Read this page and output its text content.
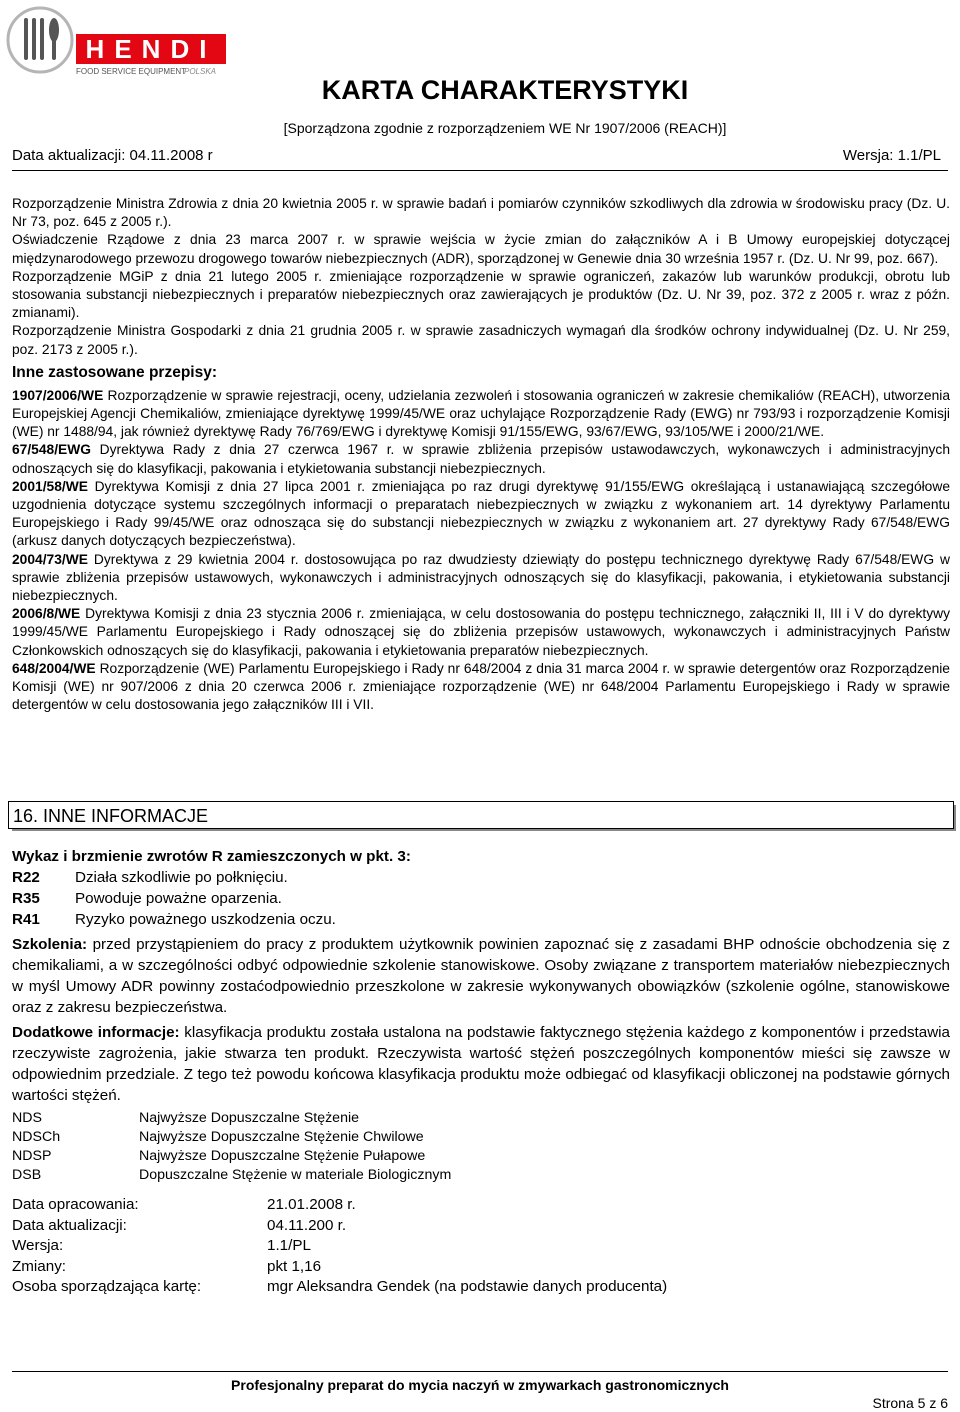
HENDI
FOOD SERVICE EQUIPMENT
POLSKA
KARTA CHARAKTERYSTYKI
[Sporządzona zgodnie z rozporządzeniem WE Nr 1907/2006 (REACH)]
Data aktualizacji: 04.11.2008 r	Wersja: 1.1/PL

Rozporządzenie Ministra Zdrowia z dnia 20 kwietnia 2005 r. w sprawie badań i pomiarów czynników szkodliwych dla zdrowia w środowisku pracy (Dz. U. Nr 73, poz. 645 z 2005 r.).

Oświadczenie Rządowe z dnia 23 marca 2007 r. w sprawie wejścia w życie zmian do załączników A i B Umowy europejskiej dotyczącej międzynarodowego przewozu drogowego towarów niebezpiecznych (ADR), sporządzonej w Genewie dnia 30 września 1957 r. (Dz. U. Nr 99, poz. 667).

Rozporządzenie MGiP z dnia 21 lutego 2005 r. zmieniające rozporządzenie w sprawie ograniczeń, zakazów lub warunków produkcji, obrotu lub stosowania substancji niebezpiecznych i preparatów niebezpiecznych oraz zawierających je produktów (Dz. U. Nr 39, poz. 372 z 2005 r. wraz z późn. zmianami).

Rozporządzenie Ministra Gospodarki z dnia 21 grudnia 2005 r. w sprawie zasadniczych wymagań dla środków ochrony indywidualnej (Dz. U. Nr 259, poz. 2173 z 2005 r.).

Inne zastosowane przepisy:

1907/2006/WE Rozporządzenie w sprawie rejestracji, oceny, udzielania zezwoleń i stosowania ograniczeń w zakresie chemikaliów (REACH), utworzenia Europejskiej Agencji Chemikaliów, zmieniające dyrektywę 1999/45/WE oraz uchylające Rozporządzenie Rady (EWG) nr 793/93 i rozporządzenie Komisji (WE) nr 1488/94, jak również dyrektywę Rady 76/769/EWG i dyrektywę Komisji 91/155/EWG, 93/67/EWG, 93/105/WE i 2000/21/WE.

67/548/EWG Dyrektywa Rady z dnia 27 czerwca 1967 r. w sprawie zbliżenia przepisów ustawodawczych, wykonawczych i administracyjnych odnoszących się do klasyfikacji, pakowania i etykietowania substancji niebezpiecznych.

2001/58/WE Dyrektywa Komisji z dnia 27 lipca 2001 r. zmieniająca po raz drugi dyrektywę 91/155/EWG określającą i ustanawiającą szczegółowe uzgodnienia dotyczące systemu szczególnych informacji o preparatach niebezpiecznych w związku z wykonaniem art. 14 dyrektywy Parlamentu Europejskiego i Rady 99/45/WE oraz odnosząca się do substancji niebezpiecznych w związku z wykonaniem art. 27 dyrektywy Rady 67/548/EWG (arkusz danych dotyczących bezpieczeństwa).

2004/73/WE Dyrektywa z 29 kwietnia 2004 r. dostosowująca po raz dwudziesty dziewiąty do postępu technicznego dyrektywę Rady 67/548/EWG w sprawie zbliżenia przepisów ustawowych, wykonawczych i administracyjnych odnoszących się do klasyfikacji, pakowania, i etykietowania substancji niebezpiecznych.

2006/8/WE Dyrektywa Komisji z dnia 23 stycznia 2006 r. zmieniająca, w celu dostosowania do postępu technicznego, załączniki II, III i V do dyrektywy 1999/45/WE Parlamentu Europejskiego i Rady odnoszącej się do zbliżenia przepisów ustawowych, wykonawczych i administracyjnych Państw Członkowskich odnoszących się do klasyfikacji, pakowania i etykietowania preparatów niebezpiecznych.

648/2004/WE Rozporządzenie (WE) Parlamentu Europejskiego i Rady nr 648/2004 z dnia 31 marca 2004 r. w sprawie detergentów oraz Rozporządzenie Komisji (WE) nr 907/2006 z dnia 20 czerwca 2006 r. zmieniające rozporządzenie (WE) nr 648/2004 Parlamentu Europejskiego i Rady w sprawie detergentów w celu dostosowania jego załączników III i VII.

16. INNE INFORMACJE

Wykaz i brzmienie zwrotów R zamieszczonych w pkt. 3:

R22	Działa szkodliwie po połknięciu.
R35	Powoduje poważne oparzenia.
R41	Ryzyko poważnego uszkodzenia oczu.

Szkolenia: przed przystąpieniem do pracy z produktem użytkownik powinien zapoznać się z zasadami BHP odnoście obchodzenia się z chemikaliami, a w szczególności odbyć odpowiednie szkolenie stanowiskowe. Osoby związane z transportem materiałów niebezpiecznych w myśl Umowy ADR powinny zostaćodpowiednio przeszkolone w zakresie wykonywanych obowiązków (szkolenie ogólne, stanowiskowe oraz z zakresu bezpieczeństwa.

Dodatkowe informacje: klasyfikacja produktu została ustalona na podstawie faktycznego stężenia każdego z komponentów i przedstawia rzeczywiste zagrożenia, jakie stwarza ten produkt. Rzeczywista wartość stężeń poszczególnych komponentów mieści się zawsze w odpowiednim przedziale. Z tego też powodu końcowa klasyfikacja produktu może odbiegać od klasyfikacji obliczonej na podstawie górnych wartości stężeń.

NDS	Najwyższe Dopuszczalne Stężenie
NDSCh	Najwyższe Dopuszczalne Stężenie Chwilowe
NDSP	Najwyższe Dopuszczalne Stężenie Pułapowe
DSB	Dopuszczalne Stężenie w materiale Biologicznym
Data opracowania:	21.01.2008 r.
Data aktualizacji:	04.11.200 r.
Wersja:	1.1/PL
Zmiany:	pkt 1,16
Osoba sporządzająca kartę:	mgr Aleksandra Gendek (na podstawie danych producenta)
Profesjonalny preparat do mycia naczyń w zmywarkach gastronomicznych
Strona 5 z 6
